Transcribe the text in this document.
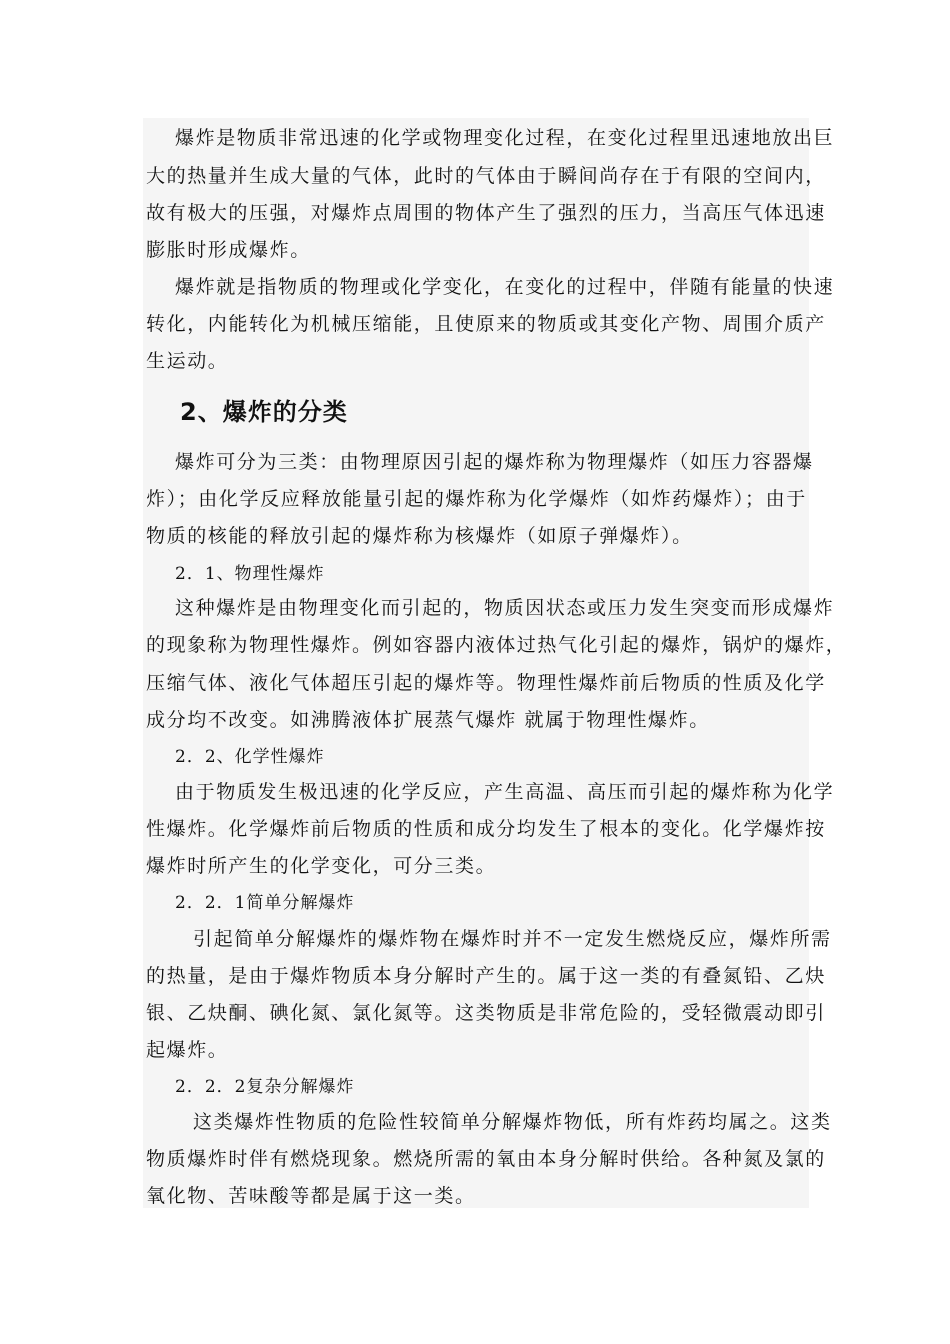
爆炸是物质非常迅速的化学或物理变化过程，在变化过程里迅速地放出巨
大的热量并生成大量的气体，此时的气体由于瞬间尚存在于有限的空间内，
故有极大的压强，对爆炸点周围的物体产生了强烈的压力，当高压气体迅速
膨胀时形成爆炸。
爆炸就是指物质的物理或化学变化，在变化的过程中，伴随有能量的快速
转化，内能转化为机械压缩能，且使原来的物质或其变化产物、周围介质产
生运动。
2、爆炸的分类
爆炸可分为三类：由物理原因引起的爆炸称为物理爆炸（如压力容器爆
炸）；由化学反应释放能量引起的爆炸称为化学爆炸（如炸药爆炸）；由于
物质的核能的释放引起的爆炸称为核爆炸（如原子弹爆炸）。
2．1、物理性爆炸
这种爆炸是由物理变化而引起的，物质因状态或压力发生突变而形成爆炸
的现象称为物理性爆炸。例如容器内液体过热气化引起的爆炸，锅炉的爆炸，
压缩气体、液化气体超压引起的爆炸等。物理性爆炸前后物质的性质及化学
成分均不改变。如沸腾液体扩展蒸气爆炸 就属于物理性爆炸。
2．2、化学性爆炸
由于物质发生极迅速的化学反应，产生高温、高压而引起的爆炸称为化学
性爆炸。化学爆炸前后物质的性质和成分均发生了根本的变化。化学爆炸按
爆炸时所产生的化学变化，可分三类。
2．2．1简单分解爆炸
引起简单分解爆炸的爆炸物在爆炸时并不一定发生燃烧反应，爆炸所需
的热量，是由于爆炸物质本身分解时产生的。属于这一类的有叠氮铅、乙炔
银、乙炔酮、碘化氮、氯化氮等。这类物质是非常危险的，受轻微震动即引
起爆炸。
2．2．2复杂分解爆炸
这类爆炸性物质的危险性较简单分解爆炸物低，所有炸药均属之。这类
物质爆炸时伴有燃烧现象。燃烧所需的氧由本身分解时供给。各种氮及氯的
氧化物、苦味酸等都是属于这一类。
